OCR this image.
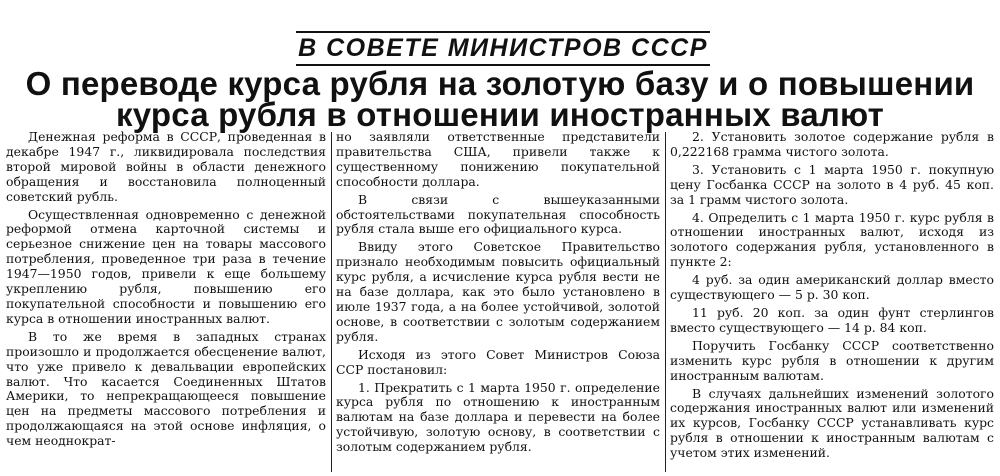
В СОВЕТЕ МИНИСТРОВ СССР
О переводе курса рубля на золотую базу и о повышении
курса рубля в отношении иностранных валют

Денежная реформа в СССР, проведенная в декабре 1947 г., ликвидировала последствия второй мировой войны в области денежного обращения и восстановила полноценный советский рубль.

Осуществленная одновременно с денежной реформой отмена карточной системы и серьезное снижение цен на товары массового потребления, проведенное три раза в течение 1947—1950 годов, привели к еще большему укреплению рубля, повышению его покупательной способности и повышению его курса в отношении иностранных валют.

В то же время в западных странах произошло и продолжается обесценение валют, что уже привело к девальвации европейских валют. Что касается Соединенных Штатов Америки, то непрекращающееся повышение цен на предметы массового потребления и продолжающаяся на этой основе инфляция, о чем неоднократ-

но заявляли ответственные представители правительства США, привели также к существенному понижению покупательной способности доллара.

В связи с вышеуказанными обстоятельствами покупательная способность рубля стала выше его официального курса.

Ввиду этого Советское Правительство признало необходимым повысить официальный курс рубля, а исчисление курса рубля вести не на базе доллара, как это было установлено в июле 1937 года, а на более устойчивой, золотой основе, в соответствии с золотым содержанием рубля.

Исходя из этого Совет Министров Союза ССР постановил:

1. Прекратить с 1 марта 1950 г. определение курса рубля по отношению к иностранным валютам на базе доллара и перевести на более устойчивую, золотую основу, в соответствии с золотым содержанием рубля.

2. Установить золотое содержание рубля в 0,222168 грамма чистого золота.

3. Установить с 1 марта 1950 г. покупную цену Госбанка СССР на золото в 4 руб. 45 коп. за 1 грамм чистого золота.

4. Определить с 1 марта 1950 г. курс рубля в отношении иностранных валют, исходя из золотого содержания рубля, установленного в пункте 2:

4 руб. за один американский доллар вместо существующего — 5 р. 30 коп.

11 руб. 20 коп. за один фунт стерлингов вместо существующего — 14 р. 84 коп.

Поручить Госбанку СССР соответственно изменить курс рубля в отношении к другим иностранным валютам.

В случаях дальнейших изменений золотого содержания иностранных валют или изменений их курсов, Госбанку СССР устанавливать курс рубля в отношении к иностранным валютам с учетом этих изменений.
